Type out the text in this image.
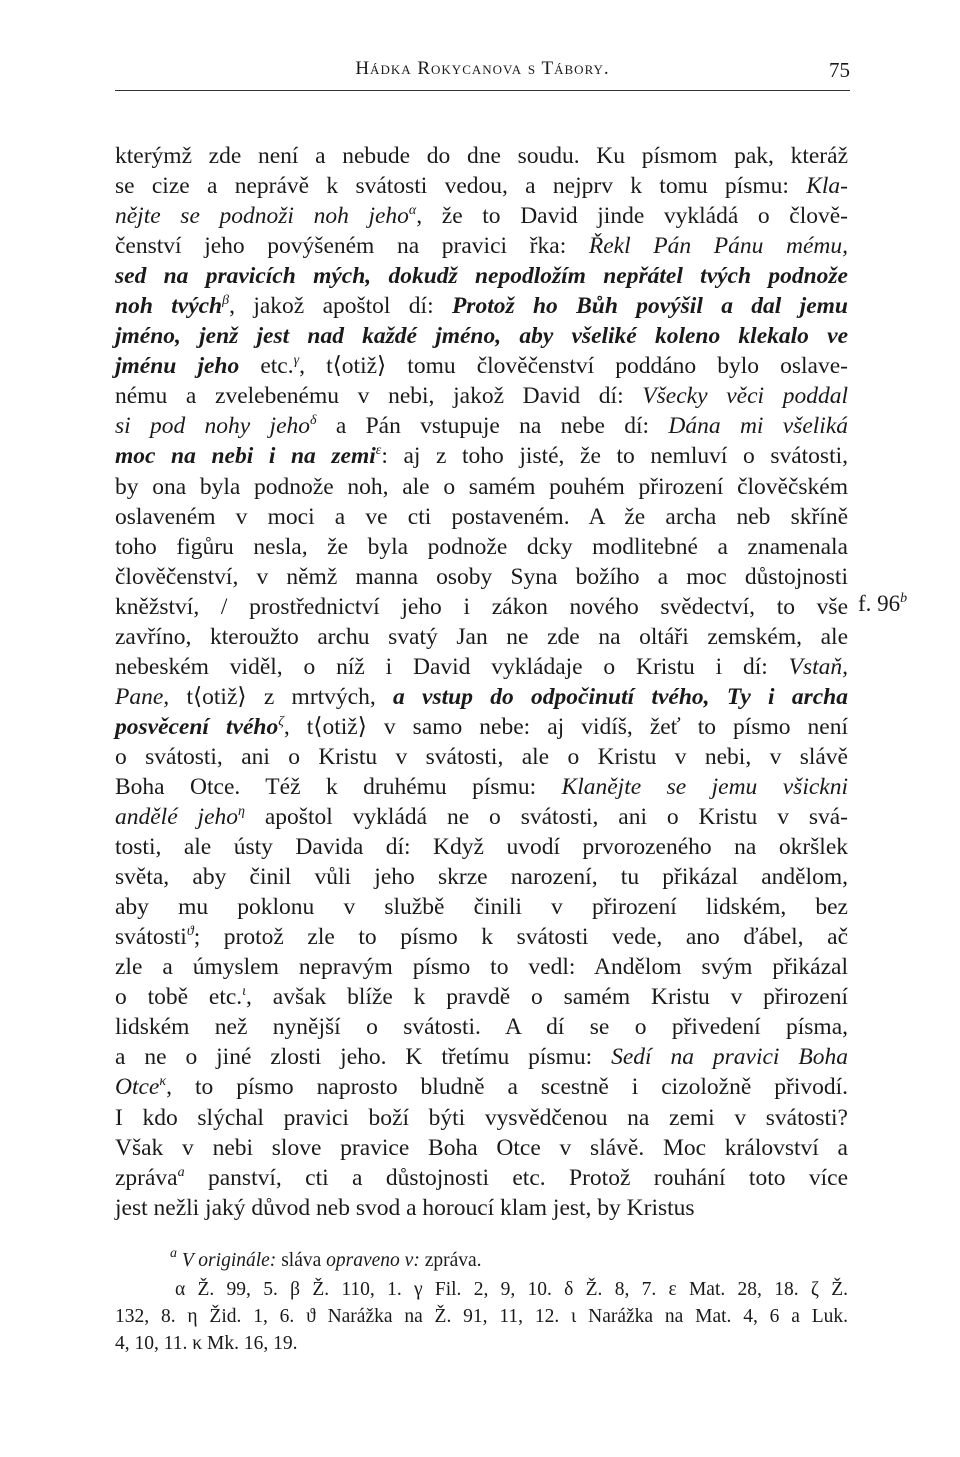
Hádka Rokycanova s Tábory.	75
kterýmž zde není a nebude do dne soudu. Ku písmom pak, kteráž
se cize a neprávě k svátosti vedou, a nejprv k tomu písmu: Kla-
nějte se podnoži noh jeho$^\alpha$, že to David jinde vykládá o člově-
čenství jeho povýšeném na pravici řka: Řekl Pán Pánu mému,
sed na pravicích mých, dokudž nepodložím nepřátel tvých podnože
noh tvých$^\beta$, jakož apoštol dí: Protož ho Bůh povýšil a dal jemu
jméno, jenž jest nad každé jméno, aby všeliké koleno klekalo ve
jménu jeho etc.$^\gamma$, t⟨otiž⟩ tomu člověčenství poddáno bylo oslave-
nému a zvelebenému v nebi, jakož David dí: Všecky věci poddal
si pod nohy jeho$^\delta$ a Pán vstupuje na nebe dí: Dána mi všeliká
moc na nebi i na zemi$^\varepsilon$: aj z toho jisté, že to nemluví o svátosti,
by ona byla podnože noh, ale o samém pouhém přirození člověčském
oslaveném v moci a ve cti postaveném. A že archa neb skříně
toho figůru nesla, že byla podnože dcky modlitebné a znamenala
člověčenství, v němž manna osoby Syna božího a moc důstojnosti
kněžství, / prostřednictví jeho i zákon nového svědectví, to vše
zavříno, kteroužto archu svatý Jan ne zde na oltáři zemském, ale
nebeském viděl, o níž i David vykládaje o Kristu i dí: Vstaň,
Pane, t⟨otiž⟩ z mrtvých, a vstup do odpočinutí tvého, Ty i archa
posvěcení tvého$^\zeta$, t⟨otiž⟩ v samo nebe: aj vidíš, žeť to písmo není
o svátosti, ani o Kristu v svátosti, ale o Kristu v nebi, v slávě
Boha Otce. Též k druhému písmu: Klanějte se jemu všickni
andělé jeho$^\eta$ apoštol vykládá ne o svátosti, ani o Kristu v svá-
tosti, ale ústy Davida dí: Když uvodí prvorozeného na okršlek
světa, aby činil vůli jeho skrze narození, tu přikázal andělom,
aby mu poklonu v službě činili v přirození lidském, bez
svátosti$^ϑ$; protož zle to písmo k svátosti vede, ano ďábel, ač
zle a úmyslem nepravým písmo to vedl: Andělom svým přikázal
o tobě etc.$^\iota$, avšak blíže k pravdě o samém Kristu v přirození
lidském než nynější o svátosti. A dí se o přivedení písma,
a ne o jiné zlosti jeho. K třetímu písmu: Sedí na pravici Boha
Otce$^\kappa$, to písmo naprosto bludně a scestně i cizoložně přivodí.
I kdo slýchal pravici boží býti vysvědčenou na zemi v svátosti?
Však v nebi slove pravice Boha Otce v slávě. Moc království a
zpráva$^a$ panství, cti a důstojnosti etc. Protož rouhání toto více
jest nežli jaký důvod neb svod a horoucí klam jest, by Kristus
f. 96$^b$
$^a$ V originále: sláva opraveno v: zpráva.
α Ž. 99, 5. β Ž. 110, 1. γ Fil. 2, 9, 10. δ Ž. 8, 7. ε Mat. 28, 18. ζ Ž.
132, 8. η Žid. 1, 6. ϑ Narážka na Ž. 91, 11, 12. ι Narážka na Mat. 4, 6 a Luk.
4, 10, 11. κ Mk. 16, 19.
